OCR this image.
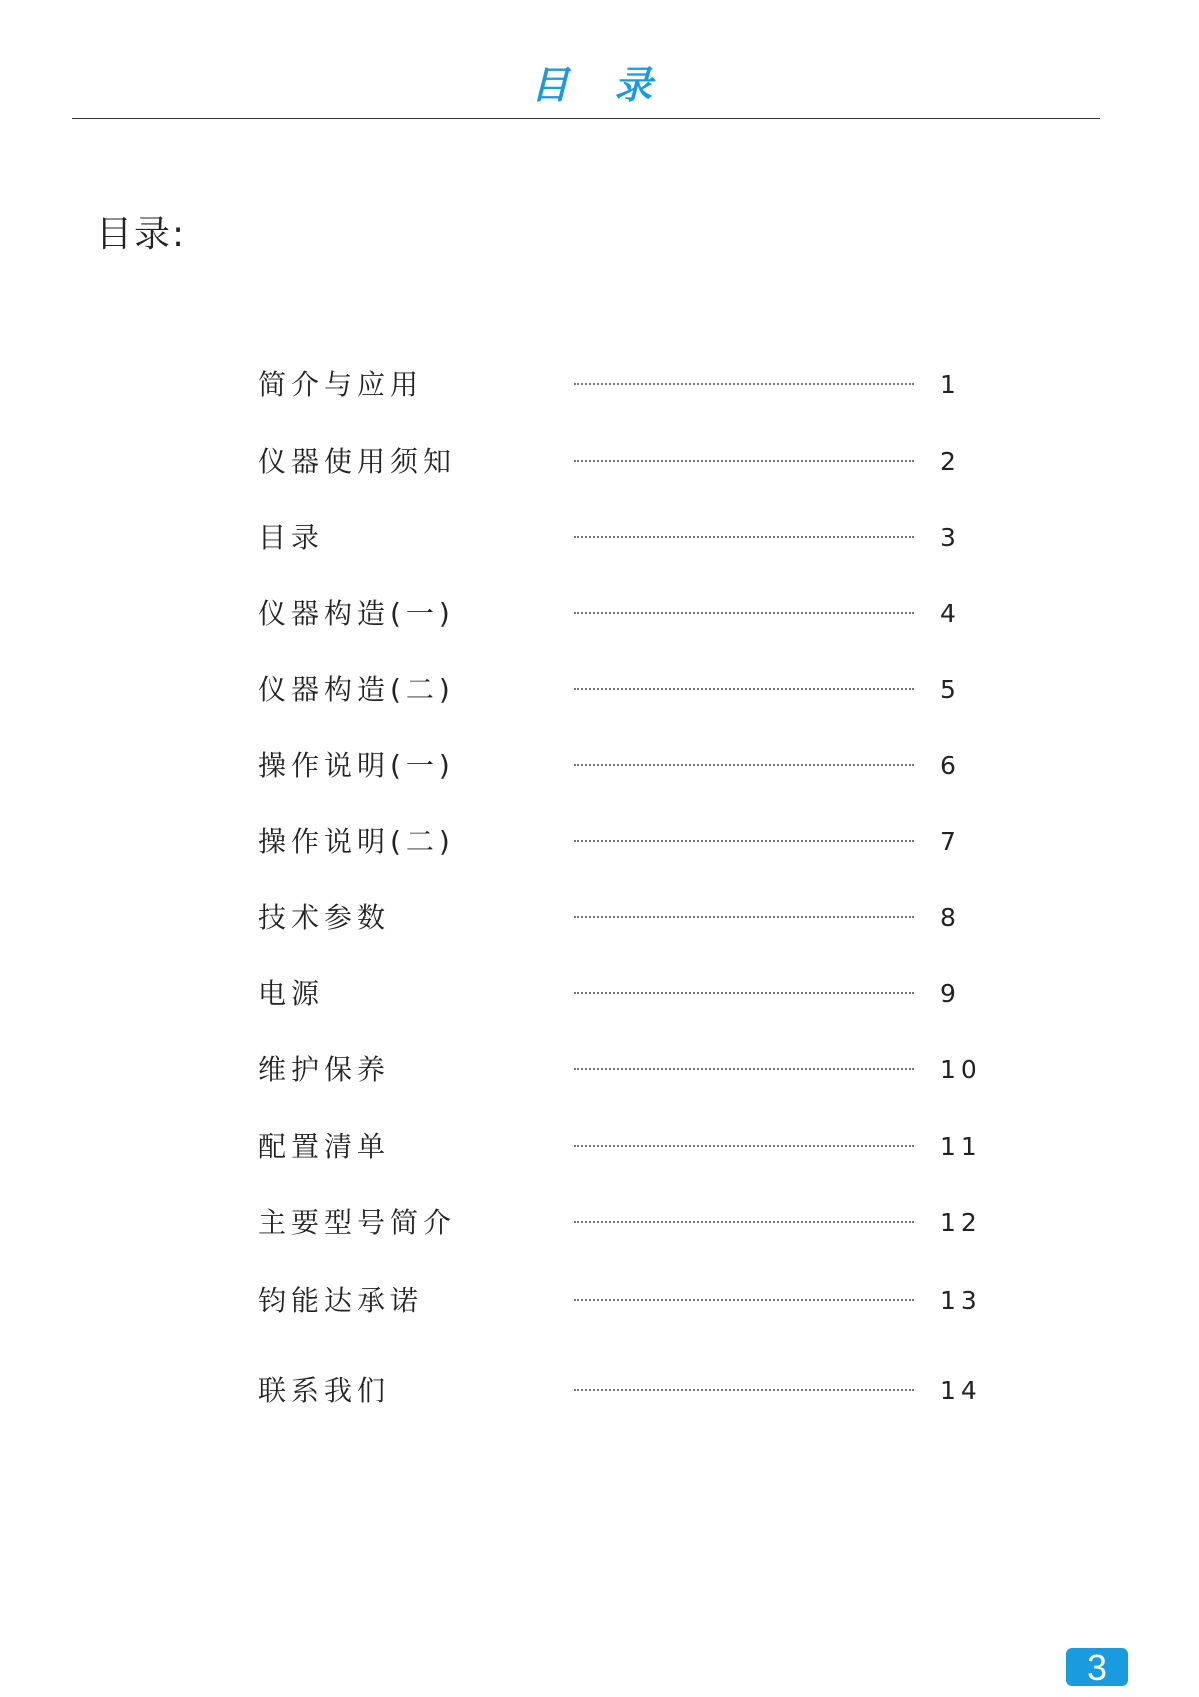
目 录
目录:
简介与应用	1
仪器使用须知	2
目录	3
仪器构造(一)	4
仪器构造(二)	5
操作说明(一)	6
操作说明(二)	7
技术参数	8
电源	9
维护保养	10
配置清单	11
主要型号简介	12
钧能达承诺	13
联系我们	14
3
